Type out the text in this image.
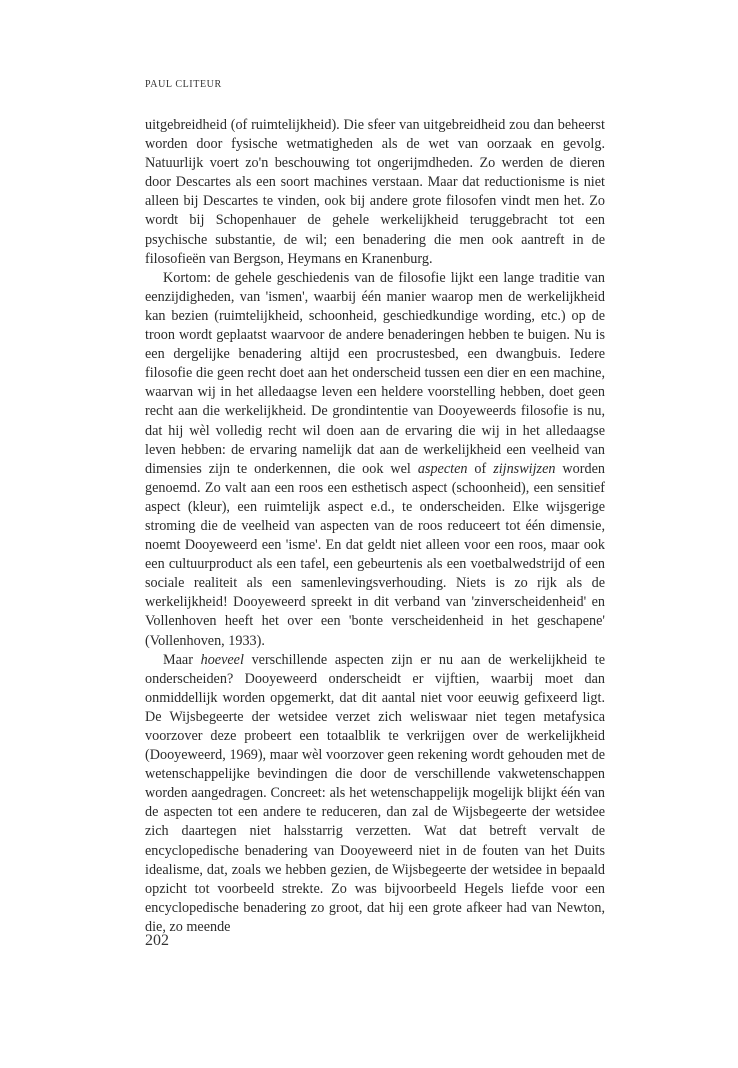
PAUL CLITEUR

uitgebreidheid (of ruimtelijkheid). Die sfeer van uitgebreidheid zou dan beheerst worden door fysische wetmatigheden als de wet van oorzaak en gevolg. Natuurlijk voert zo'n beschouwing tot ongerijmdheden. Zo werden de dieren door Descartes als een soort machines verstaan. Maar dat reductionisme is niet alleen bij Descartes te vinden, ook bij andere grote filosofen vindt men het. Zo wordt bij Schopenhauer de gehele werkelijkheid teruggebracht tot een psychische substantie, de wil; een benadering die men ook aantreft in de filosofieën van Bergson, Heymans en Kranenburg.

Kortom: de gehele geschiedenis van de filosofie lijkt een lange traditie van eenzijdigheden, van 'ismen', waarbij één manier waarop men de werkelijkheid kan bezien (ruimtelijkheid, schoonheid, geschiedkundige wording, etc.) op de troon wordt geplaatst waarvoor de andere benaderingen hebben te buigen. Nu is een dergelijke benadering altijd een procrustesbed, een dwangbuis. Iedere filosofie die geen recht doet aan het onderscheid tussen een dier en een machine, waarvan wij in het alledaagse leven een heldere voorstelling hebben, doet geen recht aan die werkelijkheid. De grondintentie van Dooyeweerds filosofie is nu, dat hij wèl volledig recht wil doen aan de ervaring die wij in het alledaagse leven hebben: de ervaring namelijk dat aan de werkelijkheid een veelheid van dimensies zijn te onderkennen, die ook wel aspecten of zijnswijzen worden genoemd. Zo valt aan een roos een esthetisch aspect (schoonheid), een sensitief aspect (kleur), een ruimtelijk aspect e.d., te onderscheiden. Elke wijsgerige stroming die de veelheid van aspecten van de roos reduceert tot één dimensie, noemt Dooyeweerd een 'isme'. En dat geldt niet alleen voor een roos, maar ook een cultuurproduct als een tafel, een gebeurtenis als een voetbalwedstrijd of een sociale realiteit als een samenlevingsverhouding. Niets is zo rijk als de werkelijkheid! Dooyeweerd spreekt in dit verband van 'zinverscheidenheid' en Vollenhoven heeft het over een 'bonte verscheidenheid in het geschapene' (Vollenhoven, 1933).

Maar hoeveel verschillende aspecten zijn er nu aan de werkelijkheid te onderscheiden? Dooyeweerd onderscheidt er vijftien, waarbij moet dan onmiddellijk worden opgemerkt, dat dit aantal niet voor eeuwig gefixeerd ligt. De Wijsbegeerte der wetsidee verzet zich weliswaar niet tegen metafysica voorzover deze probeert een totaalblik te verkrijgen over de werkelijkheid (Dooyeweerd, 1969), maar wèl voorzover geen rekening wordt gehouden met de wetenschappelijke bevindingen die door de verschillende vakwetenschappen worden aangedragen. Concreet: als het wetenschappelijk mogelijk blijkt één van de aspecten tot een andere te reduceren, dan zal de Wijsbegeerte der wetsidee zich daartegen niet halsstarrig verzetten. Wat dat betreft vervalt de encyclopedische benadering van Dooyeweerd niet in de fouten van het Duits idealisme, dat, zoals we hebben gezien, de Wijsbegeerte der wetsidee in bepaald opzicht tot voorbeeld strekte. Zo was bijvoorbeeld Hegels liefde voor een encyclopedische benadering zo groot, dat hij een grote afkeer had van Newton, die, zo meende

202
